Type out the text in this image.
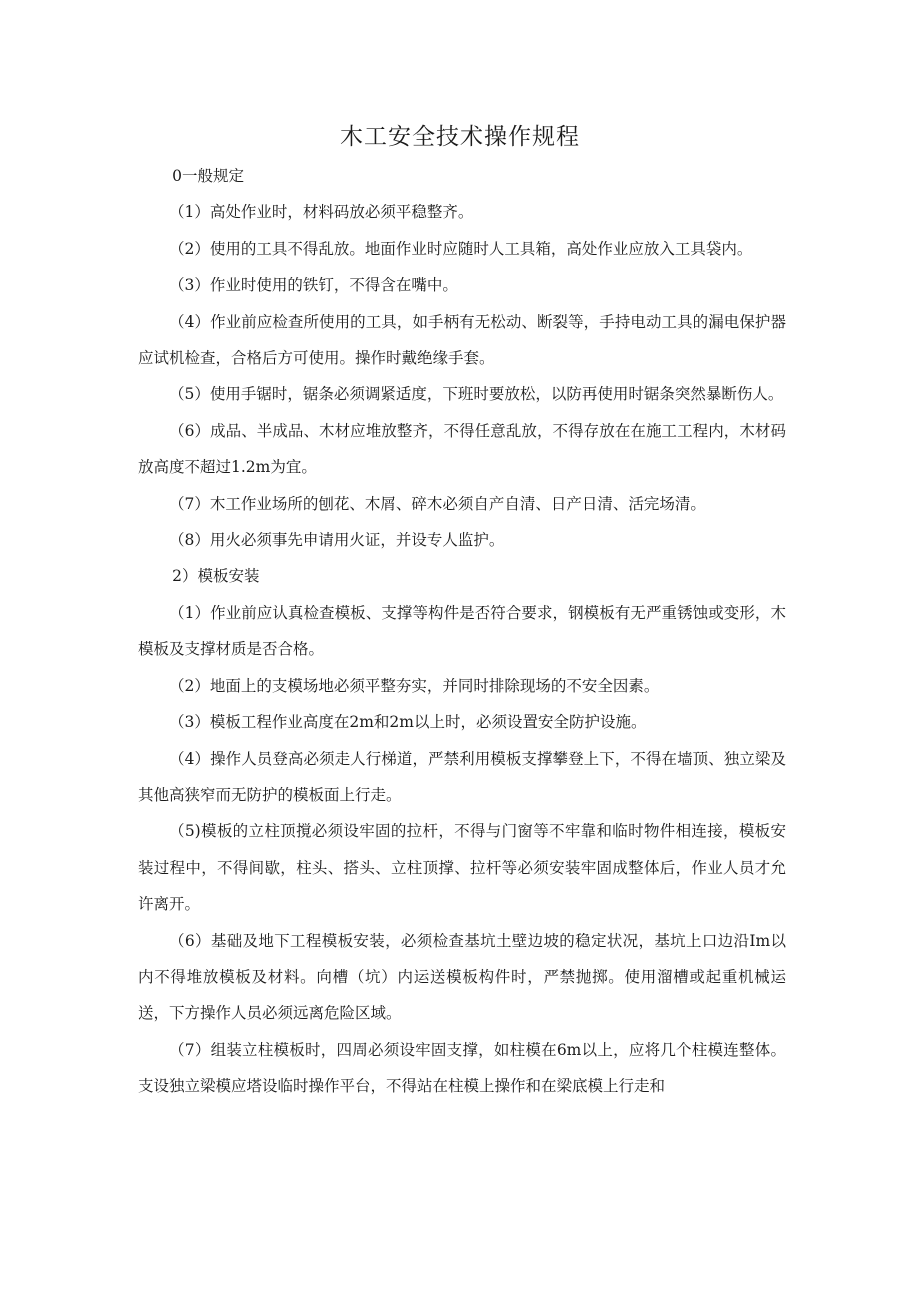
木工安全技术操作规程

0一般规定

（1）高处作业时，材料码放必须平稳整齐。

（2）使用的工具不得乱放。地面作业时应随时人工具箱，高处作业应放入工具袋内。

（3）作业时使用的铁钉，不得含在嘴中。

（4）作业前应检查所使用的工具，如手柄有无松动、断裂等，手持电动工具的漏电保护器应试机检查，合格后方可使用。操作时戴绝缘手套。

（5）使用手锯时，锯条必须调紧适度，下班时要放松，以防再使用时锯条突然暴断伤人。

（6）成品、半成品、木材应堆放整齐，不得任意乱放，不得存放在在施工工程内，木材码放高度不超过1.2m为宜。

（7）木工作业场所的刨花、木屑、碎木必须自产自清、日产日清、活完场清。

（8）用火必须事先申请用火证，并设专人监护。

2）模板安装

（1）作业前应认真检查模板、支撑等构件是否符合要求，钢模板有无严重锈蚀或变形，木模板及支撑材质是否合格。

（2）地面上的支模场地必须平整夯实，并同时排除现场的不安全因素。

（3）模板工程作业高度在2m和2m以上时，必须设置安全防护设施。

（4）操作人员登高必须走人行梯道，严禁利用模板支撑攀登上下，不得在墙顶、独立梁及其他高狭窄而无防护的模板面上行走。

（5)模板的立柱顶撹必须设牢固的拉杆，不得与门窗等不牢靠和临时物件相连接，模板安装过程中，不得间歇，柱头、搭头、立柱顶撑、拉杆等必须安装牢固成整体后，作业人员才允许离开。

（6）基础及地下工程模板安装，必须检查基坑土壁边坡的稳定状况，基坑上口边沿Im以内不得堆放模板及材料。向槽（坑）内运送模板构件时，严禁抛掷。使用溜槽或起重机械运送，下方操作人员必须远离危险区域。

（7）组装立柱模板时，四周必须设牢固支撑，如柱模在6m以上，应将几个柱模连整体。支设独立梁模应塔设临时操作平台，不得站在柱模上操作和在梁底模上行走和
